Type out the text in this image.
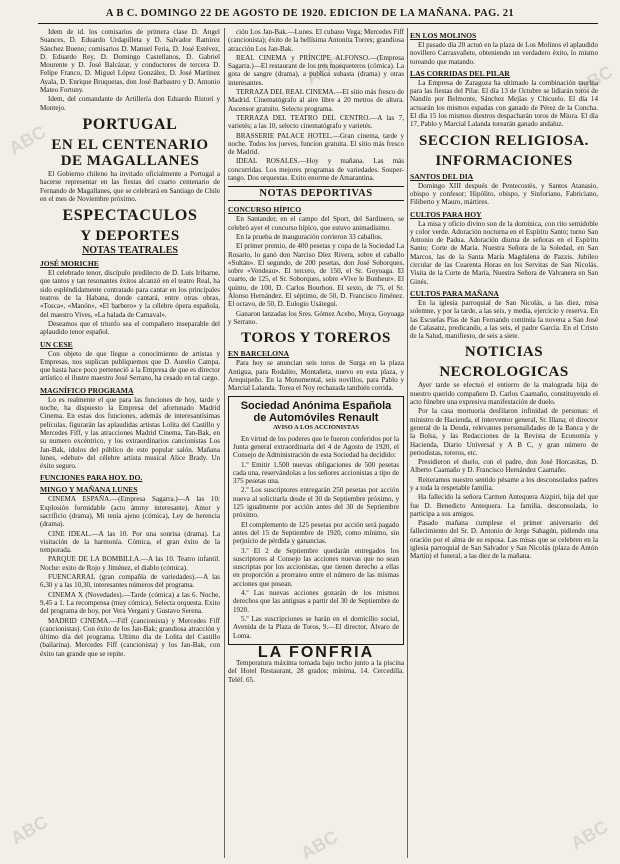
A B C. DOMINGO 22 DE AGOSTO DE 1920. EDICION DE LA MAÑANA. PAG. 21
ABC
ABC	ABC
ABC	ABC	ABC

Idem de id. los comisarios de primera clase D. Ángel Suances, D. Eduardo Urdapilleta y D. Salvador Ramírez Sánchez Bueno; comisarios D. Manuel Feria, D. José Estévez, D. Eduardo Rey, D. Domingo Castellanos, D. Gabriel Mourente y D. José Balcázar, y conductores de tercera D. Felipe Franco, D. Miguel López González, D. José Martínez Ayala, D. Enrique Bruquetas, don José Barbastro y D. Antonio Mateo Fortuny.

Idem, del comandante de Artillería don Eduardo Ristori y Montejo.

PORTUGAL
EN EL CENTENARIO DE MAGALLANES

El Gobierno chileno ha invitado oficialmente a Portugal a hacerse representar en las fiestas del cuarto centenario de Fernando de Magallanes, que se celebrará en Santiago de Chile en el mes de Noviembre próximo.

ESPECTACULOS
Y DEPORTES
NOTAS TEATRALES
JOSÉ MORICHE

El celebrado tenor, discípulo predilecto de D. Luis Iribarne, que tantos y tan resonantes éxitos alcanzó en el teatro Real, ha sido espléndidamente contratado para cantar en los principales teatros de la Habana, donde cantará, entre otras obras, «Tosca», «Manón», «El barbero» y la célebre ópera española, del maestro Vives, «La balada de Carnaval».

Deseamos que el triunfo sea el compañero inseparable del aplaudido tenor español.

UN CESE

Con objeto de que llegue a conocimiento de artistas y Empresas, nos suplican publiquemos que D. Aurelio Campa, que hasta hace poco perteneció a la Empresa de que es director artístico el ilustre maestro José Serrano, ha cesado en tal cargo.

MAGNÍFICO PROGRAMA

Lo es realmente el que para las funciones de hoy, tarde y noche, ha dispuesto la Empresa del afortunado Madrid Cinema. En estas dos funciones, además de interesantísimas películas, figurarán las aplaudidas artistas Lolita del Castillo y Mercedes Fiff, y las atracciones Madrid Cinema, Tan-Bak, en su numero excéntrico, y los extraordinarios cancionistas Los Jan-Bak, ídolos del público de este popular salón. Mañana lunes, «debut» del célebre artista musical Alice Brady. Un éxito seguro.

FUNCIONES PARA HOY. DO.
MINGO Y MAÑANA LUNES

CINEMA ESPAÑA.—(Empresa Sagarra.)—A las 10: Explosión formidable (acto ámmy interesante). Amor y sacrificio (drama), Mi tenía ajeno (cómica), Ley de herencia (drama).

CINE IDEAL.—A las 10. Por una sonrisa (drama). La visitación de la harmonía. Cómica, el gran éxito de la temporada.

PARQUE DE LA BOMBILLA.—A las 10. Teatro infantil. Noche: exito de Rojo y Jiménez, el diablo (cómica).

FUENCARRAL (gran compañía de variedades).—A las 6,30 y a las 10,30, interesantes números del programa.

CINEMA X (Novedades).—Tarde (cómica) a las 6. Noche, 9,45 a 1. La recompensa (muy cómica). Selecta orquesta. Exito del programa de hoy, por Vera Vergani y Gustavo Serena.

MADRID CINEMA.—Fiff (cancionista) y Mercedes Fiff (cancionistas). Con éxito de los Jan-Bak; grandiosa atracción y último día del programa. Ultimo día de Lolita del Castillo (bailarina). Mercedes Fiff (cancionista) y los Jan-Bak, con éxito tan grande que se repite.

ción Los Jan-Bak.—Lunes. El cubano Vega; Mercedes Fiff (cancionista); éxito de la bellísima Antonita Torres; grandiosa atracción Los Jan-Bak.

REAL CINEMA y PRÍNCIPE ALFONSO.—(Empresa Sagarra.)—El restaurant de los tres mosqueteros (cómica). La gota de sangre (drama), a publica subasta (drama) y otras interesantes.

TERRAZA DEL REAL CINEMA.—El sitio más fresco de Madrid. Cinematógrafo al aire libre a 20 metros de altura. Ascensor gratuito. Selecto programa.

TERRAZA DEL TEATRO DEL CENTRO.—A las 7, varietés; a las 10, selecto cinematógrafo y varietés.

BRASSERIE PALACE HOTEL.—Gran cinema, tarde y noche. Todos los jueves, funcion gratuita. El sitio más fresco de Madrid.

IDEAL ROSALES.—Hoy y mañana. Las más concurridas. Los mejores programas de variedades. Souper-tango. Dos orquestas. Exito enorme de Amarantina.

NOTAS DEPORTIVAS
CONCURSO HÍPICO

En Santander, en el campo del Sport, del Sardinero, se celebró ayer el concurso hípico, que estuvo animadísimo.

En la prueba de inauguración corrieron 33 caballos.

El primer premio, de 400 pesetas y copa de la Sociedad La Rosario, lo ganó don Narciso Díez Rivera, sobre el caballo «Sultán». El segundo, de 200 pesetas, don José Soborques, sobre «Vendeau». El tercero, de 150, el Sr. Goyoaga. El cuarto, de 125, el Sr. Soborques, sobre «Vive le Bonheur». El quinto, de 100, D. Carlos Bourbon. El sexto, de 75, el Sr. Alonso Hernández. El séptimo, de 50, D. Francisco Jiménez. El octavo, de 50, D. Eulogio Usátegui.

Ganaron lanzadas los Sres. Gómez Acebo, Moya, Goyoaga y Serrano.

TOROS Y TOREROS
EN BARCELONA

Para hoy se anuncian seis toros de Surga en la plaza Antigua, para Rodalito, Montañeta, nuevo en esta plaza, y Arequipeño. En la Monumental, seis novillos, para Pablo y Marcial Lalanda. Torea el Noy rechazada también corrida.

Sociedad Anónima Española
de Automóviles Renault
AVISO A LOS ACCIONISTAS

En virtud de los poderes que le fueron conferidos por la Junta general extraordinaria del 4 de Agosto de 1920, el Consejo de Administración de esta Sociedad ha decidido:

1.º Emitir 1.500 nuevas obligaciones de 500 pesetas cada una, reservándolas a los señores accionistas a tipo de 375 pesetas una.

2.º Los suscriptores entregarán 250 pesetas por acción nueva al solicitarla desde el 30 de Septiembre próximo, y 125 igualmente por acción antes del 30 de Septiembre próximo.

El complemento de 125 pesetas por acción será pagado antes del 15 de Septiembre de 1920, como mínimo, sin perjuicio de pérdida y ganancias.

3.º El 2 de Septiembre quedarán entregados los suscriptores al Consejo las acciones nuevas que no sean suscriptas por los accionistas, que tienen derecho a ellas en proporción a prorrateo entre el número de las mismas acciones que posean.

4.º Las nuevas acciones gozarán de los mismos derechos que las antiguas a partir del 30 de Septiembre de 1920.

5.º Las suscripciones se harán en el domicilio social, Avenida de la Plaza de Toros, 9.—El director, Álvaro de Loma.

LA FONFRIA

Temperatura máxima tomada bajo techo junto a la piscina del Hotel Restaurant, 28 grados; mínima, 14. Cercedilla. Teléf. 65.

EN LOS MOLINOS

El pasado día 20 actuó en la plaza de Los Molinos el aplaudido novillero Carrasvañete, obteniendo un verdadero éxito, lo mismo toreando que matando.

LAS CORRIDAS DEL PILAR

La Empresa de Zaragoza ha ultimado la combinación taurina para las fiestas del Pilar. El día 13 de Octubre se lidiarán toros de Nandín por Belmonte, Sánchez Mejías y Chicuelo. El día 14 actuarán los mismos espadas con ganado de Pérez de la Concha. El día 15 los mismos diestros despacharán toros de Miura. El día 17, Pablo y Marcial Lalanda torearán ganado andaluz.

SECCION RELIGIOSA.
INFORMACIONES
SANTOS DEL DIA

Domingo XIII después de Pentecostés, y Santos Atanasio, obispo y confesor; Hipólito, obispo, y Sinforiano, Fabriciano, Filiberto y Mauro, mártires.

CULTOS PARA HOY

La misa y oficio divino son de la dominica, con rito semidoble y color verde. Adoración nocturna en el Espíritu Santo; turno San Antonio de Padua. Adoración diurna de señoras en el Espíritu Santo; Corte de María. Nuestra Señora de la Soledad, en San Marcos, las de la Santa María Magdalena de Pazzis. Jubileo circular de las Cuarenta Horas en los Servitas de San Nicolás. Visita de la Corte de María, Nuestra Señora de Valvanera en San Ginés.

CULTOS PARA MAÑANA

En la iglesia parroquial de San Nicolás, a las diez, misa solemne, y por la tarde, a las seis, y media, ejercicio y reserva. En las Escuelas Pías de San Fernando continúa la novena a San José de Calasanz, predicando, a las seis, el padre García. En el Cristo de la Salud, manifiesto, de seis a siete.

NOTICIAS
NECROLOGICAS

Ayer tarde se efectuó el entierro de la malograda hija de nuestro querido compañero D. Carlos Caamaño, constituyendo el acto fúnebre una expresiva manifestación de duelo.

Por la casa mortuoria desfilaron infinidad de personas: el ministro de Hacienda, el interventor general, Sr. Illana; el director general de la Deuda, relevantes personalidades de la Banca y de la Bolsa, y las Redacciones de la Revista de Economía y Hacienda, Diario Universal y A B C, y gran número de periodistas, toreros, etc.

Presidieron el duelo, con el padre, don José Horcasitas, D. Alberto Caamaño y D. Francisco Hernández Caamaño.

Reiteramos nuestro sentido pésame a los desconsolados padres y a toda la respetable familia.

Ha fallecido la señora Carmen Antequera Aizpiri, hija del que fue D. Benedicto Antequera. La familia, desconsolada, lo participa a sus amigos.

Pasado mañana cumplese el primer aniversario del fallecimiento del Sr. D. Antonio de Jorge Sahagún, pidiendo una oración por el alma de su esposa. Las misas que se celebren en la iglesia parroquial de San Salvador y San Nicolás (plaza de Antón Martín) el funeral, a las diez de la mañana.
